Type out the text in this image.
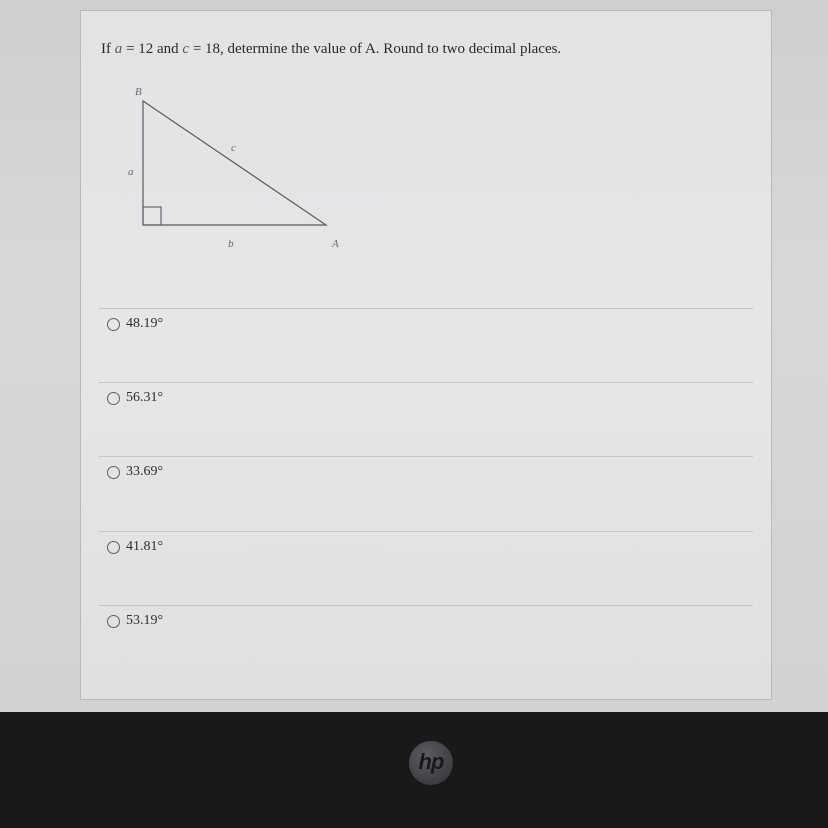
If a = 12 and c = 18, determine the value of A. Round to two decimal places.
B
A
a
b
c
48.19°
56.31°
33.69°
41.81°
53.19°
hp
